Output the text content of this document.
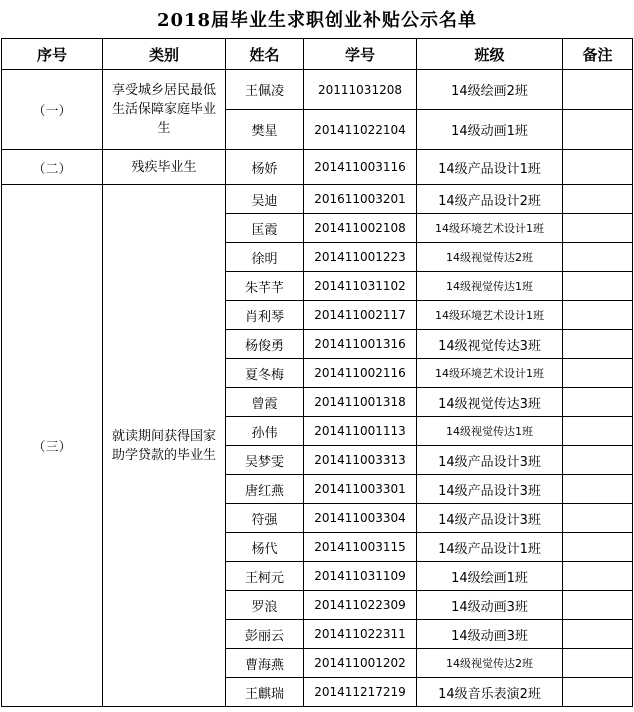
2018届毕业生求职创业补贴公示名单
序号	类别	姓名	学号	班级	备注
（一）	享受城乡居民最低生活保障家庭毕业生	王佩凌	20111031208	14级绘画2班	
		樊星	201411022104	14级动画1班	
（二）	残疾毕业生	杨娇	201411003116	14级产品设计1班	
（三）	就读期间获得国家助学贷款的毕业生	吴迪	201611003201	14级产品设计2班	
		匡霞	201411002108	14级环境艺术设计1班	
		徐明	201411001223	14级视觉传达2班	
		朱芊芊	201411031102	14级视觉传达1班	
		肖利琴	201411002117	14级环境艺术设计1班	
		杨俊勇	201411001316	14级视觉传达3班	
		夏冬梅	201411002116	14级环境艺术设计1班	
		曾霞	201411001318	14级视觉传达3班	
		孙伟	201411001113	14级视觉传达1班	
		吴梦雯	201411003313	14级产品设计3班	
		唐红燕	201411003301	14级产品设计3班	
		符强	201411003304	14级产品设计3班	
		杨代	201411003115	14级产品设计1班	
		王柯元	201411031109	14级绘画1班	
		罗浪	201411022309	14级动画3班	
		彭丽云	201411022311	14级动画3班	
		曹海燕	201411001202	14级视觉传达2班	
		王麒瑞	201411217219	14级音乐表演2班	
